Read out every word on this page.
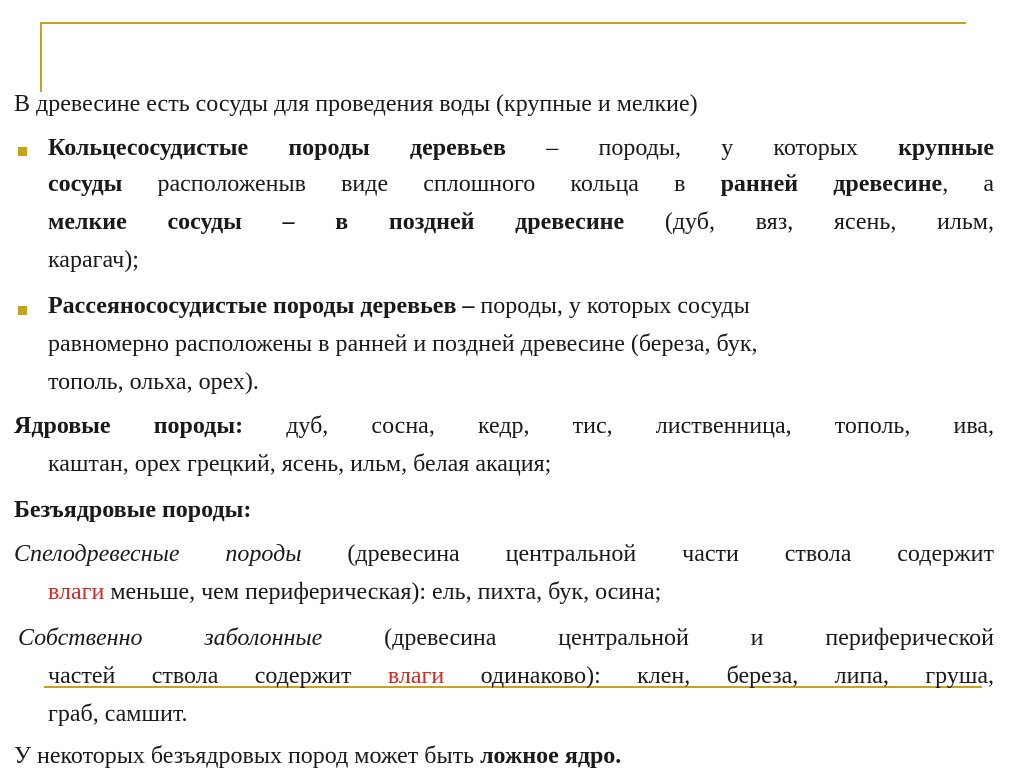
В древесине есть сосуды для проведения воды (крупные и мелкие)
Кольцесосудистые породы деревьев – породы, у которых крупные
сосуды расположеныв виде сплошного кольца в ранней древесине, а
мелкие сосуды – в поздней древесине (дуб, вяз, ясень, ильм,
карагач);
Рассеянососудистые породы деревьев – породы, у которых сосуды
равномерно расположены в ранней и поздней древесине (береза, бук,
тополь, ольха, орех).
Ядровые породы: дуб, сосна, кедр, тис, лиственница, тополь, ива,
каштан, орех грецкий, ясень, ильм, белая акация;
Безъядровые породы:
Спелодревесные породы (древесина центральной части ствола содержит
влаги меньше, чем периферическая): ель, пихта, бук, осина;
Собственно заболонные (древесина центральной и периферической
частей ствола содержит влаги одинаково): клен, береза, липа, груша,
граб, самшит.
У некоторых безъядровых пород может быть ложное ядро.
